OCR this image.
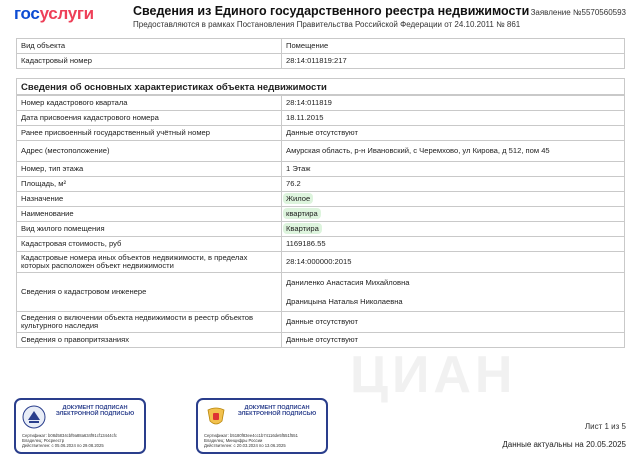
госуслуги	Сведения из Единого государственного реестра недвижимости
Предоставляются в рамках Постановления Правительства Российской Федерации от 24.10.2011 № 861
Заявление №5570560593
ЦИАН
Вид объекта	Помещение
Кадастровый номер	28:14:011819:217
Сведения об основных характеристиках объекта недвижимости
Номер кадастрового квартала	28:14:011819
Дата присвоения кадастрового номера	18.11.2015
Ранее присвоенный государственный учётный номер	Данные отсутствуют
Адрес (местоположение)	Амурская область, р-н Ивановский, с Черемхово, ул Кирова, д 512, пом 45
Номер, тип этажа	1 Этаж
Площадь, м²	76.2
Назначение	Жилое
Наименование	квартира
Вид жилого помещения	Квартира
Кадастровая стоимость, руб	1169186.55
Кадастровые номера иных объектов недвижимости, в пределах которых расположен объект недвижимости	28:14:000000:2015
Сведения о кадастровом инженере	Даниленко Анастасия Михайловна
Драницына Наталья Николаевна

Сведения о включении объекта недвижимости в реестр объектов культурного наследия	Данные отсутствуют
Сведения о правопритязаниях	Данные отсутствуют
ДОКУМЕНТ ПОДПИСАН ЭЛЕКТРОННОЙ ПОДПИСЬЮ
Сертификат: b08d5834cbf9a88a634f91cf13444cfc
Владелец: Росреестр
Действителен: с 05.06.2024 по 29.08.2025
ДОКУМЕНТ ПОДПИСАН ЭЛЕКТРОННОЙ ПОДПИСЬЮ
Сертификат: b5180f83ee4cc1b74116de5f551f551
Владелец: Минцифры России
Действителен: с 20.03.2024 по 13.06.2025
Лист 1 из 5
Данные актуальны на 20.05.2025
